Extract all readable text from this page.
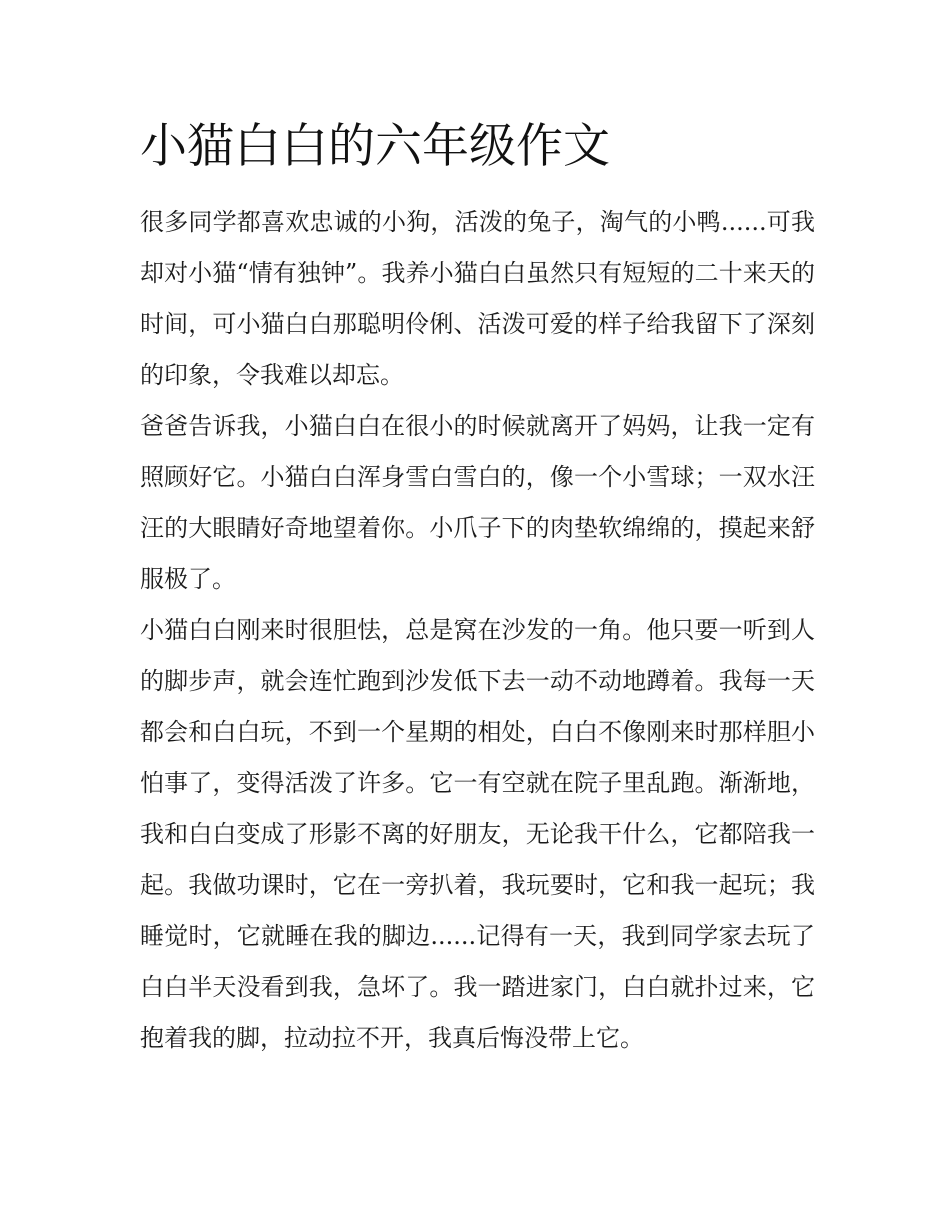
小猫白白的六年级作文

很多同学都喜欢忠诚的小狗，活泼的兔子，淘气的小鸭......可我却对小猫“情有独钟”。我养小猫白白虽然只有短短的二十来天的时间，可小猫白白那聪明伶俐、活泼可爱的样子给我留下了深刻的印象，令我难以却忘。

爸爸告诉我，小猫白白在很小的时候就离开了妈妈，让我一定有照顾好它。小猫白白浑身雪白雪白的，像一个小雪球；一双水汪汪的大眼睛好奇地望着你。小爪子下的肉垫软绵绵的，摸起来舒服极了。

小猫白白刚来时很胆怯，总是窝在沙发的一角。他只要一听到人的脚步声，就会连忙跑到沙发低下去一动不动地蹲着。我每一天都会和白白玩，不到一个星期的相处，白白不像刚来时那样胆小怕事了，变得活泼了许多。它一有空就在院子里乱跑。渐渐地，我和白白变成了形影不离的好朋友，无论我干什么，它都陪我一起。我做功课时，它在一旁扒着，我玩要时，它和我一起玩；我睡觉时，它就睡在我的脚边......记得有一天，我到同学家去玩了白白半天没看到我，急坏了。我一踏进家门，白白就扑过来，它抱着我的脚，拉动拉不开，我真后悔没带上它。
